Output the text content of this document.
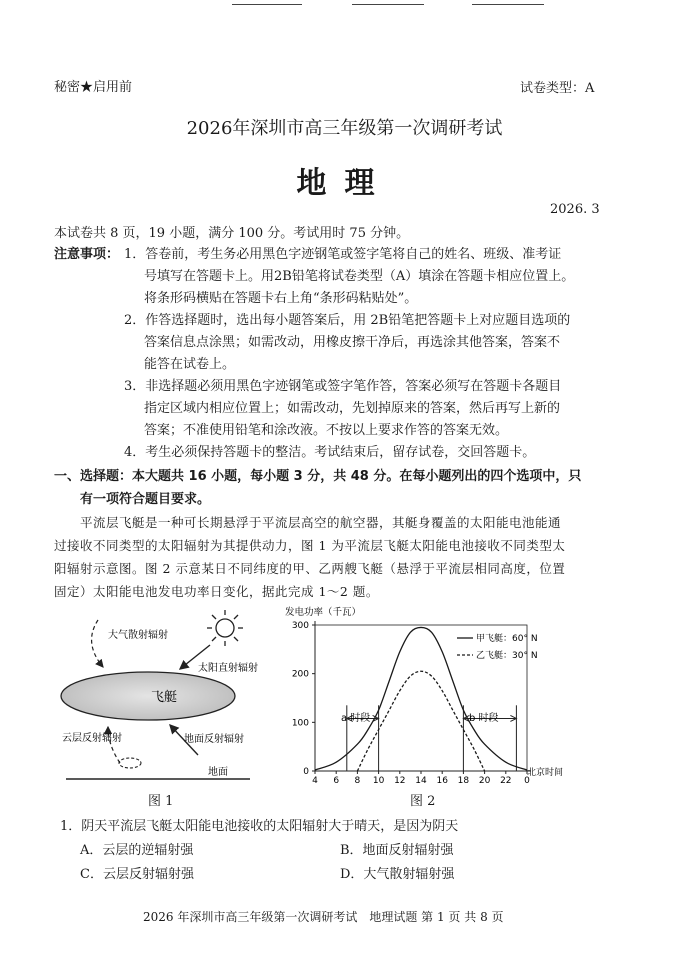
秘密★启用前	试卷类型：A
2026年深圳市高三年级第一次调研考试
地理
2026. 3
本试卷共 8 页，19 小题，满分 100 分。考试用时 75 分钟。
注意事项： 1．答卷前，考生务必用黑色字迹钢笔或签字笔将自己的姓名、班级、准考证
号填写在答题卡上。用2B铅笔将试卷类型（A）填涂在答题卡相应位置上。
将条形码横贴在答题卡右上角“条形码粘贴处”。
2．作答选择题时，选出每小题答案后，用 2B铅笔把答题卡上对应题目选项的
答案信息点涂黑；如需改动，用橡皮擦干净后，再选涂其他答案，答案不
能答在试卷上。
3．非选择题必须用黑色字迹钢笔或签字笔作答，答案必须写在答题卡各题目
指定区域内相应位置上；如需改动，先划掉原来的答案，然后再写上新的
答案；不准使用铅笔和涂改液。不按以上要求作答的答案无效。
4．考生必须保持答题卡的整洁。考试结束后，留存试卷，交回答题卡。
一、选择题：本大题共 16 小题，每小题 3 分，共 48 分。在每小题列出的四个选项中，只
有一项符合题目要求。
平流层飞艇是一种可长期悬浮于平流层高空的航空器，其艇身覆盖的太阳能电池能通
过接收不同类型的太阳辐射为其提供动力，图 1 为平流层飞艇太阳能电池接收不同类型太
阳辐射示意图。图 2 示意某日不同纬度的甲、乙两艘飞艇（悬浮于平流层相同高度，位置
固定）太阳能电池发电功率日变化，据此完成 1～2 题。
大气散射辐射
太阳直射辐射
飞艇
云层反射辐射	地面反射辐射
地面
图 1
发电功率（千瓦）
北京时间
0
100
200
300
4 6 8 10 12 14 16 18 20 22 0
a 时段	b 时段
甲飞艇：60° N
乙飞艇：30° N
图 2
1．阴天平流层飞艇太阳能电池接收的太阳辐射大于晴天，是因为阴天
A．云层的逆辐射强	B．地面反射辐射强
C．云层反射辐射强	D．大气散射辐射强
2026 年深圳市高三年级第一次调研考试　地理试题 第 1 页 共 8 页
